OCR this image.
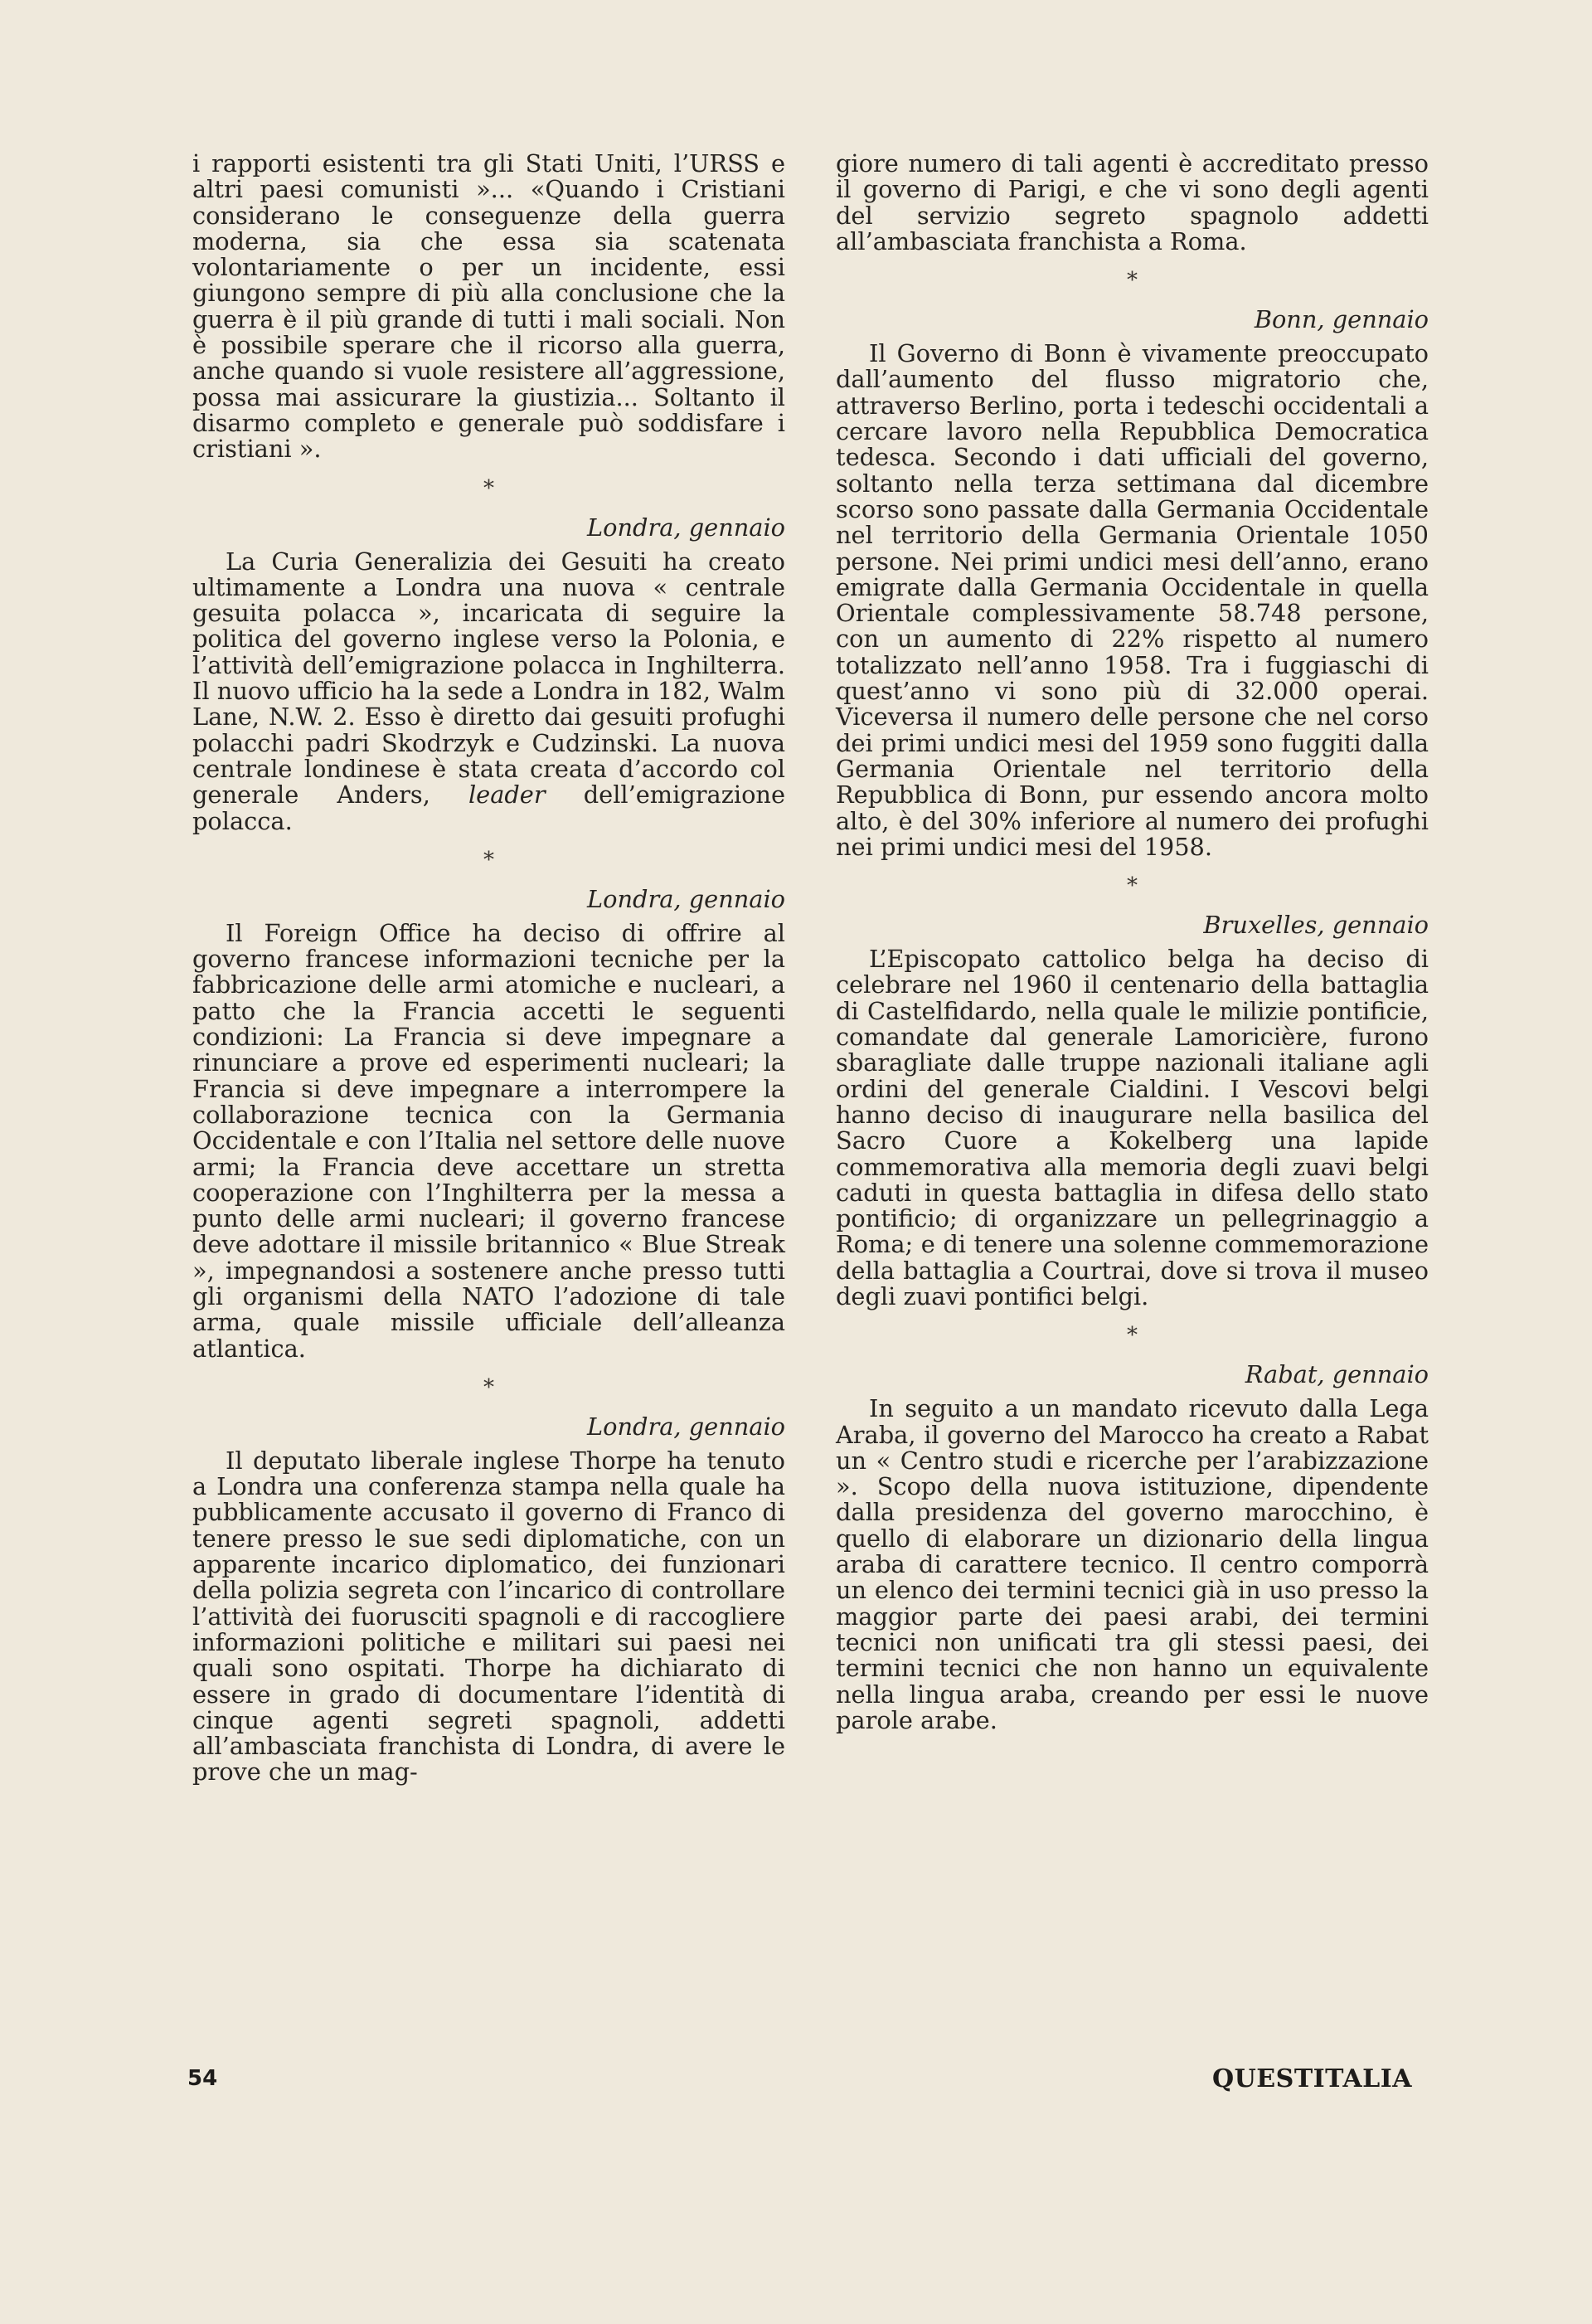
i rapporti esistenti tra gli Stati Uniti, l’URSS e altri paesi comunisti »... «Quando i Cristiani considerano le conseguenze della guerra moderna, sia che essa sia scatenata volontariamente o per un incidente, essi giungono sempre di più alla conclusione che la guerra è il più grande di tutti i mali sociali. Non è possibile sperare che il ricorso alla guerra, anche quando si vuole resistere all’aggressione, possa mai assicurare la giustizia... Soltanto il disarmo completo e generale può soddisfare i cristiani ».

*
Londra, gennaio

La Curia Generalizia dei Gesuiti ha creato ultimamente a Londra una nuova « centrale gesuita polacca », incaricata di seguire la politica del governo inglese verso la Polonia, e l’attività dell’emigrazione polacca in Inghilterra. Il nuovo ufficio ha la sede a Londra in 182, Walm Lane, N.W. 2. Esso è diretto dai gesuiti profughi polacchi padri Skodrzyk e Cudzinski. La nuova centrale londinese è stata creata d’accordo col generale Anders, leader dell’emigrazione polacca.

*
Londra, gennaio

Il Foreign Office ha deciso di offrire al governo francese informazioni tecniche per la fabbricazione delle armi atomiche e nucleari, a patto che la Francia accetti le seguenti condizioni: La Francia si deve impegnare a rinunciare a prove ed esperimenti nucleari; la Francia si deve impegnare a interrompere la collaborazione tecnica con la Germania Occidentale e con l’Italia nel settore delle nuove armi; la Francia deve accettare un stretta cooperazione con l’Inghilterra per la messa a punto delle armi nucleari; il governo francese deve adottare il missile britannico « Blue Streak », impegnandosi a sostenere anche presso tutti gli organismi della NATO l’adozione di tale arma, quale missile ufficiale dell’alleanza atlantica.

*
Londra, gennaio

Il deputato liberale inglese Thorpe ha tenuto a Londra una conferenza stampa nella quale ha pubblicamente accusato il governo di Franco di tenere presso le sue sedi diplomatiche, con un apparente incarico diplomatico, dei funzionari della polizia segreta con l’incarico di controllare l’attività dei fuorusciti spagnoli e di raccogliere informazioni politiche e militari sui paesi nei quali sono ospitati. Thorpe ha dichiarato di essere in grado di documentare l’identità di cinque agenti segreti spagnoli, addetti all’ambasciata franchista di Londra, di avere le prove che un mag-

giore numero di tali agenti è accreditato presso il governo di Parigi, e che vi sono degli agenti del servizio segreto spagnolo addetti all’ambasciata franchista a Roma.

*
Bonn, gennaio

Il Governo di Bonn è vivamente preoccupato dall’aumento del flusso migratorio che, attraverso Berlino, porta i tedeschi occidentali a cercare lavoro nella Repubblica Democratica tedesca. Secondo i dati ufficiali del governo, soltanto nella terza settimana dal dicembre scorso sono passate dalla Germania Occidentale nel territorio della Germania Orientale 1050 persone. Nei primi undici mesi dell’anno, erano emigrate dalla Germania Occidentale in quella Orientale complessivamente 58.748 persone, con un aumento di 22% rispetto al numero totalizzato nell’anno 1958. Tra i fuggiaschi di quest’anno vi sono più di 32.000 operai. Viceversa il numero delle persone che nel corso dei primi undici mesi del 1959 sono fuggiti dalla Germania Orientale nel territorio della Repubblica di Bonn, pur essendo ancora molto alto, è del 30% inferiore al numero dei profughi nei primi undici mesi del 1958.

*
Bruxelles, gennaio

L’Episcopato cattolico belga ha deciso di celebrare nel 1960 il centenario della battaglia di Castelfidardo, nella quale le milizie pontificie, comandate dal generale Lamoricière, furono sbaragliate dalle truppe nazionali italiane agli ordini del generale Cialdini. I Vescovi belgi hanno deciso di inaugurare nella basilica del Sacro Cuore a Kokelberg una lapide commemorativa alla memoria degli zuavi belgi caduti in questa battaglia in difesa dello stato pontificio; di organizzare un pellegrinaggio a Roma; e di tenere una solenne commemorazione della battaglia a Courtrai, dove si trova il museo degli zuavi pontifici belgi.

*
Rabat, gennaio

In seguito a un mandato ricevuto dalla Lega Araba, il governo del Marocco ha creato a Rabat un « Centro studi e ricerche per l’arabizzazione ». Scopo della nuova istituzione, dipendente dalla presidenza del governo marocchino, è quello di elaborare un dizionario della lingua araba di carattere tecnico. Il centro comporrà un elenco dei termini tecnici già in uso presso la maggior parte dei paesi arabi, dei termini tecnici non unificati tra gli stessi paesi, dei termini tecnici che non hanno un equivalente nella lingua araba, creando per essi le nuove parole arabe.

54	QUESTITALIA
